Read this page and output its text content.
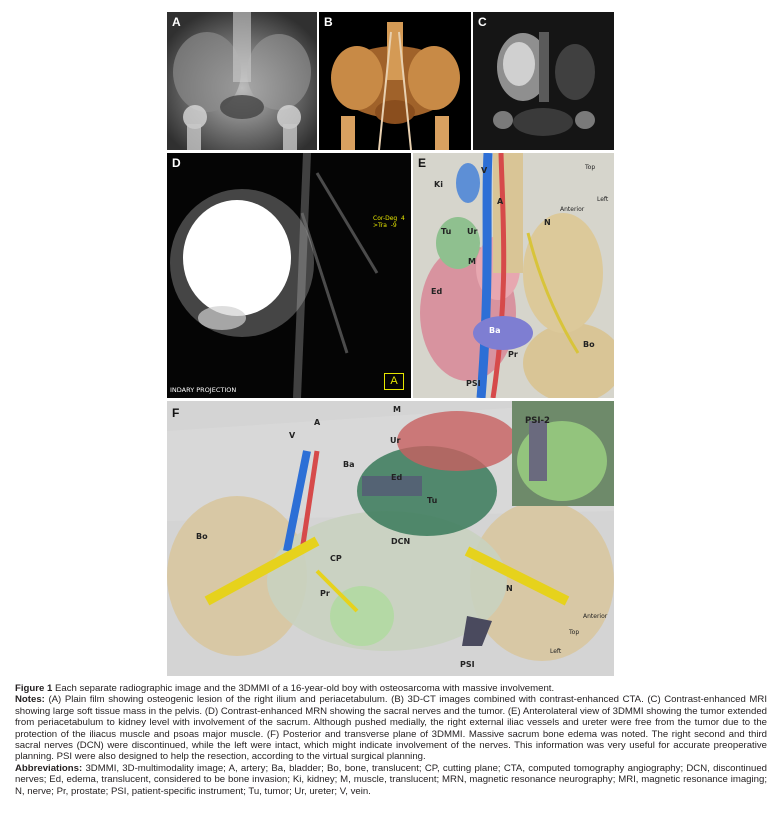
A	B	C
D
Cor-Deg  4
>Tra  -9
INDARY PROJECTION
A
E
Ki
V
A
Tu Ur
M
N
Ed
Ba
Pr
Bo
PSI
Top
Anterior
Left
F
V
A
M
Ur
Ba
Ed
Tu
Bo
DCN
CP
Pr
N
PSI
PSI-2
Top
Anterior
Left

Figure 1 Each separate radiographic image and the 3DMMI of a 16-year-old boy with osteosarcoma with massive involvement.

Notes: (A) Plain film showing osteogenic lesion of the right ilium and periacetabulum. (B) 3D-CT images combined with contrast-enhanced CTA. (C) Contrast-enhanced MRI showing large soft tissue mass in the pelvis. (D) Contrast-enhanced MRN showing the sacral nerves and the tumor. (E) Anterolateral view of 3DMMI showing the tumor extended from periacetabulum to kidney level with involvement of the sacrum. Although pushed medially, the right external iliac vessels and ureter were free from the tumor due to the protection of the iliacus muscle and psoas major muscle. (F) Posterior and transverse plane of 3DMMI. Massive sacrum bone edema was noted. The right second and third sacral nerves (DCN) were discontinued, while the left were intact, which might indicate involvement of the nerves. This information was very useful for accurate preoperative planning. PSI were also designed to help the resection, according to the virtual surgical planning.

Abbreviations: 3DMMI, 3D-multimodality image; A, artery; Ba, bladder; Bo, bone, translucent; CP, cutting plane; CTA, computed tomography angiography; DCN, discontinued nerves; Ed, edema, translucent, considered to be bone invasion; Ki, kidney; M, muscle, translucent; MRN, magnetic resonance neurography; MRI, magnetic resonance imaging; N, nerve; Pr, prostate; PSI, patient-specific instrument; Tu, tumor; Ur, ureter; V, vein.
